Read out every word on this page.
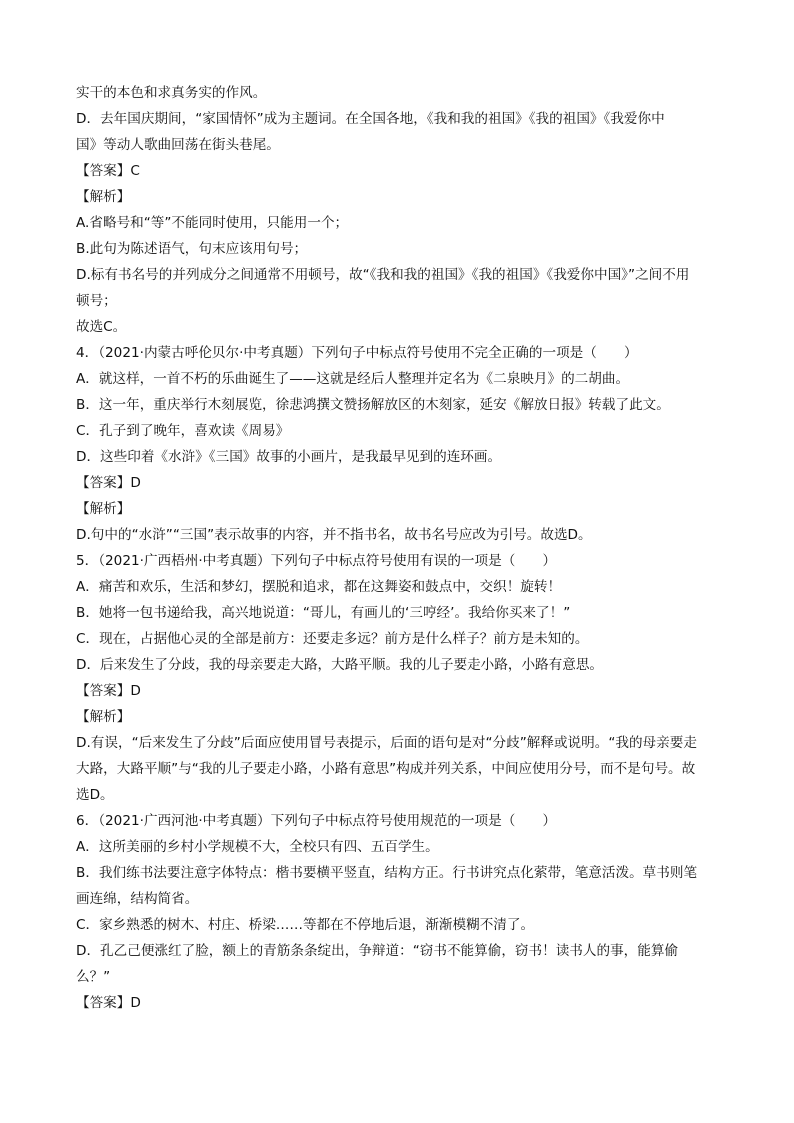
实干的本色和求真务实的作风。
D．去年国庆期间，“家国情怀”成为主题词。在全国各地，《我和我的祖国》《我的祖国》《我爱你中
国》等动人歌曲回荡在街头巷尾。
【答案】C
【解析】
A.省略号和“等”不能同时使用，只能用一个；
B.此句为陈述语气，句末应该用句号；
D.标有书名号的并列成分之间通常不用顿号，故“《我和我的祖国》《我的祖国》《我爱你中国》”之间不用
顿号；
故选C。
4．（2021·内蒙古呼伦贝尔·中考真题）下列句子中标点符号使用不完全正确的一项是（　　）
A．就这样，一首不朽的乐曲诞生了——这就是经后人整理并定名为《二泉映月》的二胡曲。
B．这一年，重庆举行木刻展览，徐悲鸿撰文赞扬解放区的木刻家，延安《解放日报》转载了此文。
C．孔子到了晚年，喜欢读《周易》
D．这些印着《水浒》《三国》故事的小画片，是我最早见到的连环画。
【答案】D
【解析】
D.句中的“水浒”“三国”表示故事的内容，并不指书名，故书名号应改为引号。故选D。
5．（2021·广西梧州·中考真题）下列句子中标点符号使用有误的一项是（　　）
A．痛苦和欢乐，生活和梦幻，摆脱和追求，都在这舞姿和鼓点中，交织！旋转！
B．她将一包书递给我，高兴地说道：“哥儿，有画儿的‘三哼经’。我给你买来了！”
C．现在，占据他心灵的全部是前方：还要走多远？前方是什么样子？前方是未知的。
D．后来发生了分歧，我的母亲要走大路，大路平顺。我的儿子要走小路，小路有意思。
【答案】D
【解析】
D.有误，“后来发生了分歧”后面应使用冒号表提示，后面的语句是对“分歧”解释或说明。“我的母亲要走
大路，大路平顺”与“我的儿子要走小路，小路有意思”构成并列关系，中间应使用分号，而不是句号。故
选D。
6．（2021·广西河池·中考真题）下列句子中标点符号使用规范的一项是（　　）
A．这所美丽的乡村小学规模不大，全校只有四、五百学生。
B．我们练书法要注意字体特点：楷书要横平竖直，结构方正。行书讲究点化萦带，笔意活泼。草书则笔
画连绵，结构简省。
C．家乡熟悉的树木、村庄、桥梁……等都在不停地后退，渐渐模糊不清了。
D．孔乙己便涨红了脸，额上的青筋条条绽出，争辩道：“窃书不能算偷，窃书！读书人的事，能算偷
么？”
【答案】D
